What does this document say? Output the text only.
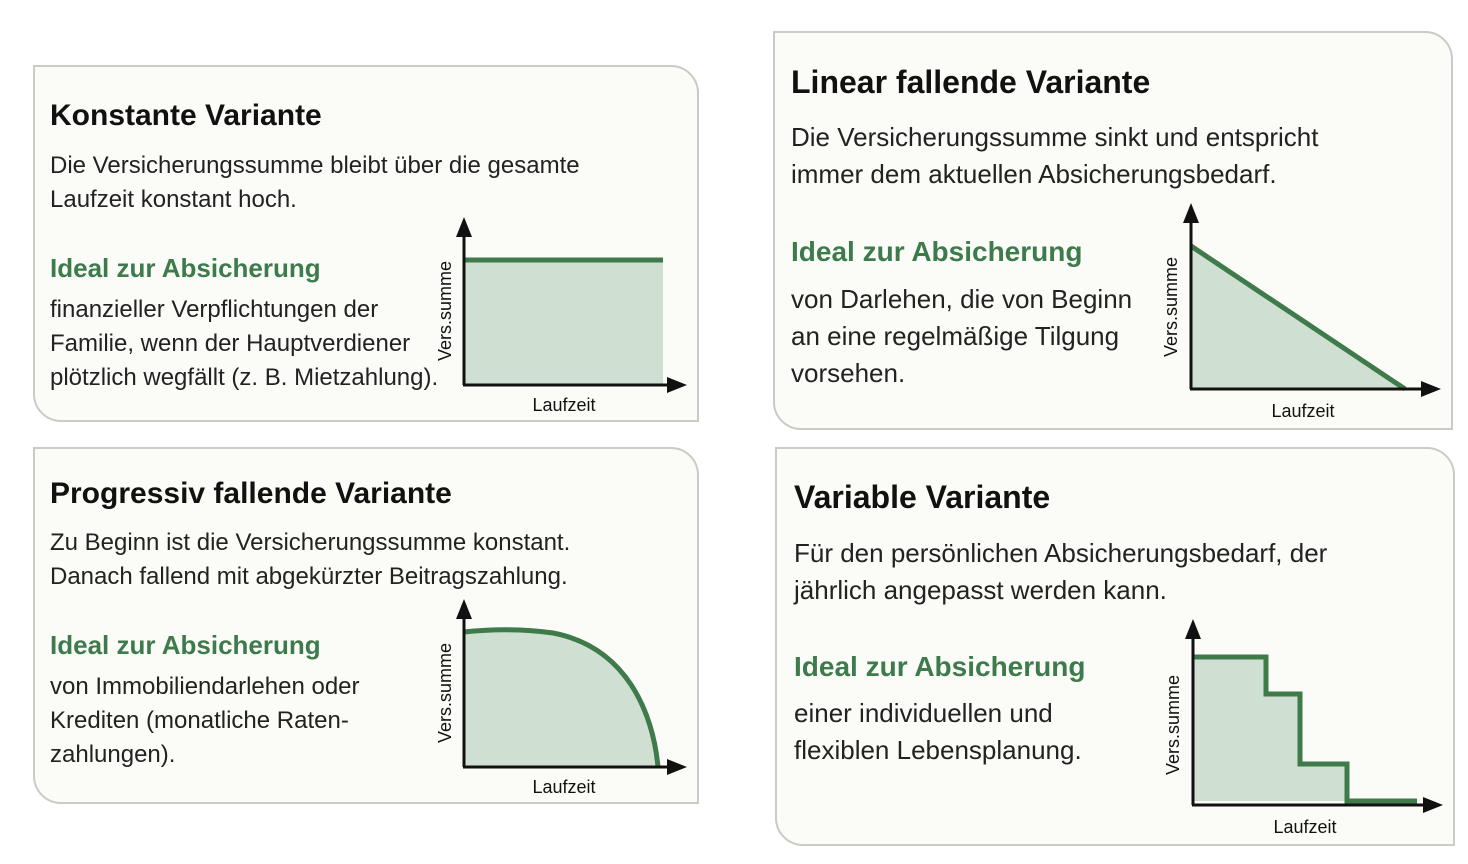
Konstante Variante

Die Versicherungssumme bleibt über die gesamte
Laufzeit konstant hoch.

Ideal zur Absicherung

finanzieller Verpflichtungen der
Familie, wenn der Hauptverdiener
plötzlich wegfällt (z. B. Mietzahlung).

Vers.summe
Laufzeit
Linear fallende Variante

Die Versicherungssumme sinkt und entspricht
immer dem aktuellen Absicherungsbedarf.

Ideal zur Absicherung

von Darlehen, die von Beginn
an eine regelmäßige Tilgung
vorsehen.

Vers.summe
Laufzeit
Progressiv fallende Variante

Zu Beginn ist die Versicherungssumme konstant.
Danach fallend mit abgekürzter Beitragszahlung.

Ideal zur Absicherung

von Immobiliendarlehen oder
Krediten (monatliche Raten-
zahlungen).

Vers.summe
Laufzeit
Variable Variante

Für den persönlichen Absicherungsbedarf, der
jährlich angepasst werden kann.

Ideal zur Absicherung

einer individuellen und
flexiblen Lebensplanung.	Vers.summe
Laufzeit
